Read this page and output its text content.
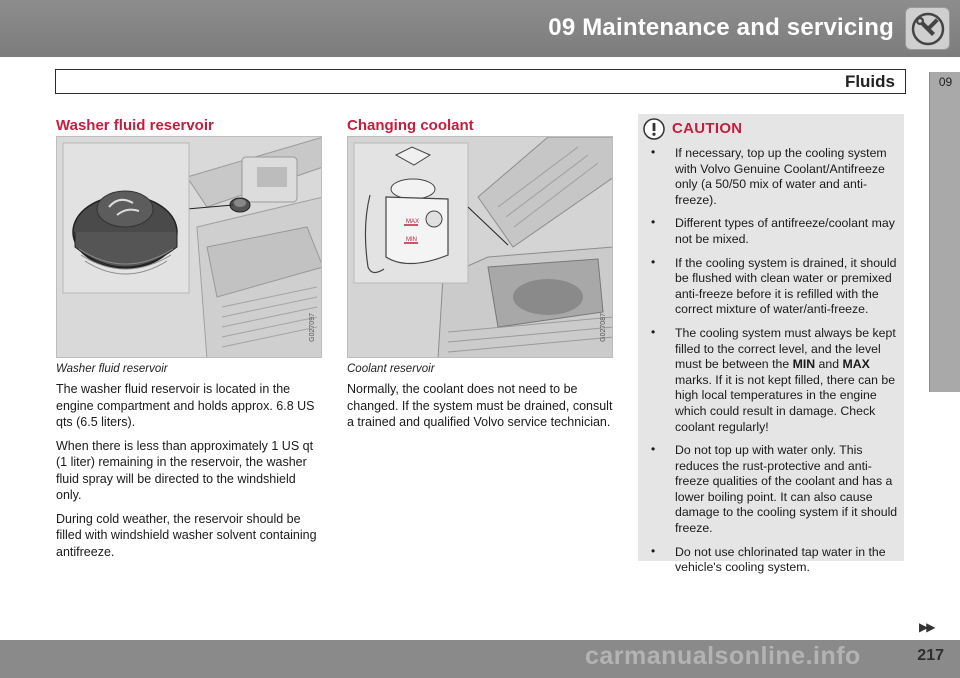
09 Maintenance and servicing
Fluids	09
Washer fluid reservoir
G027097
Washer fluid reservoir

The washer fluid reservoir is located in the engine compartment and holds approx. 6.8 US qts (6.5 liters).

When there is less than approximately 1 US qt (1 liter) remaining in the reservoir, the washer fluid spray will be directed to the windshield only.

During cold weather, the reservoir should be filled with windshield washer solvent containing antifreeze.

Changing coolant
MAX
MIN
G027087
Coolant reservoir

Normally, the coolant does not need to be changed. If the system must be drained, consult a trained and qualified Volvo service technician.

CAUTION
• If necessary, top up the cooling system with Volvo Genuine Coolant/Antifreeze only (a 50/50 mix of water and anti-freeze).
• Different types of antifreeze/coolant may not be mixed.
• If the cooling system is drained, it should be flushed with clean water or premixed anti-freeze before it is refilled with the correct mixture of water/anti-freeze.
• The cooling system must always be kept filled to the correct level, and the level must be between the MIN and MAX marks. If it is not kept filled, there can be high local temperatures in the engine which could result in damage. Check coolant regularly!
• Do not top up with water only. This reduces the rust-protective and anti-freeze qualities of the coolant and has a lower boiling point. It can also cause damage to the cooling system if it should freeze.
• Do not use chlorinated tap water in the vehicle's cooling system.
▶▶
carmanualsonline.info	217
